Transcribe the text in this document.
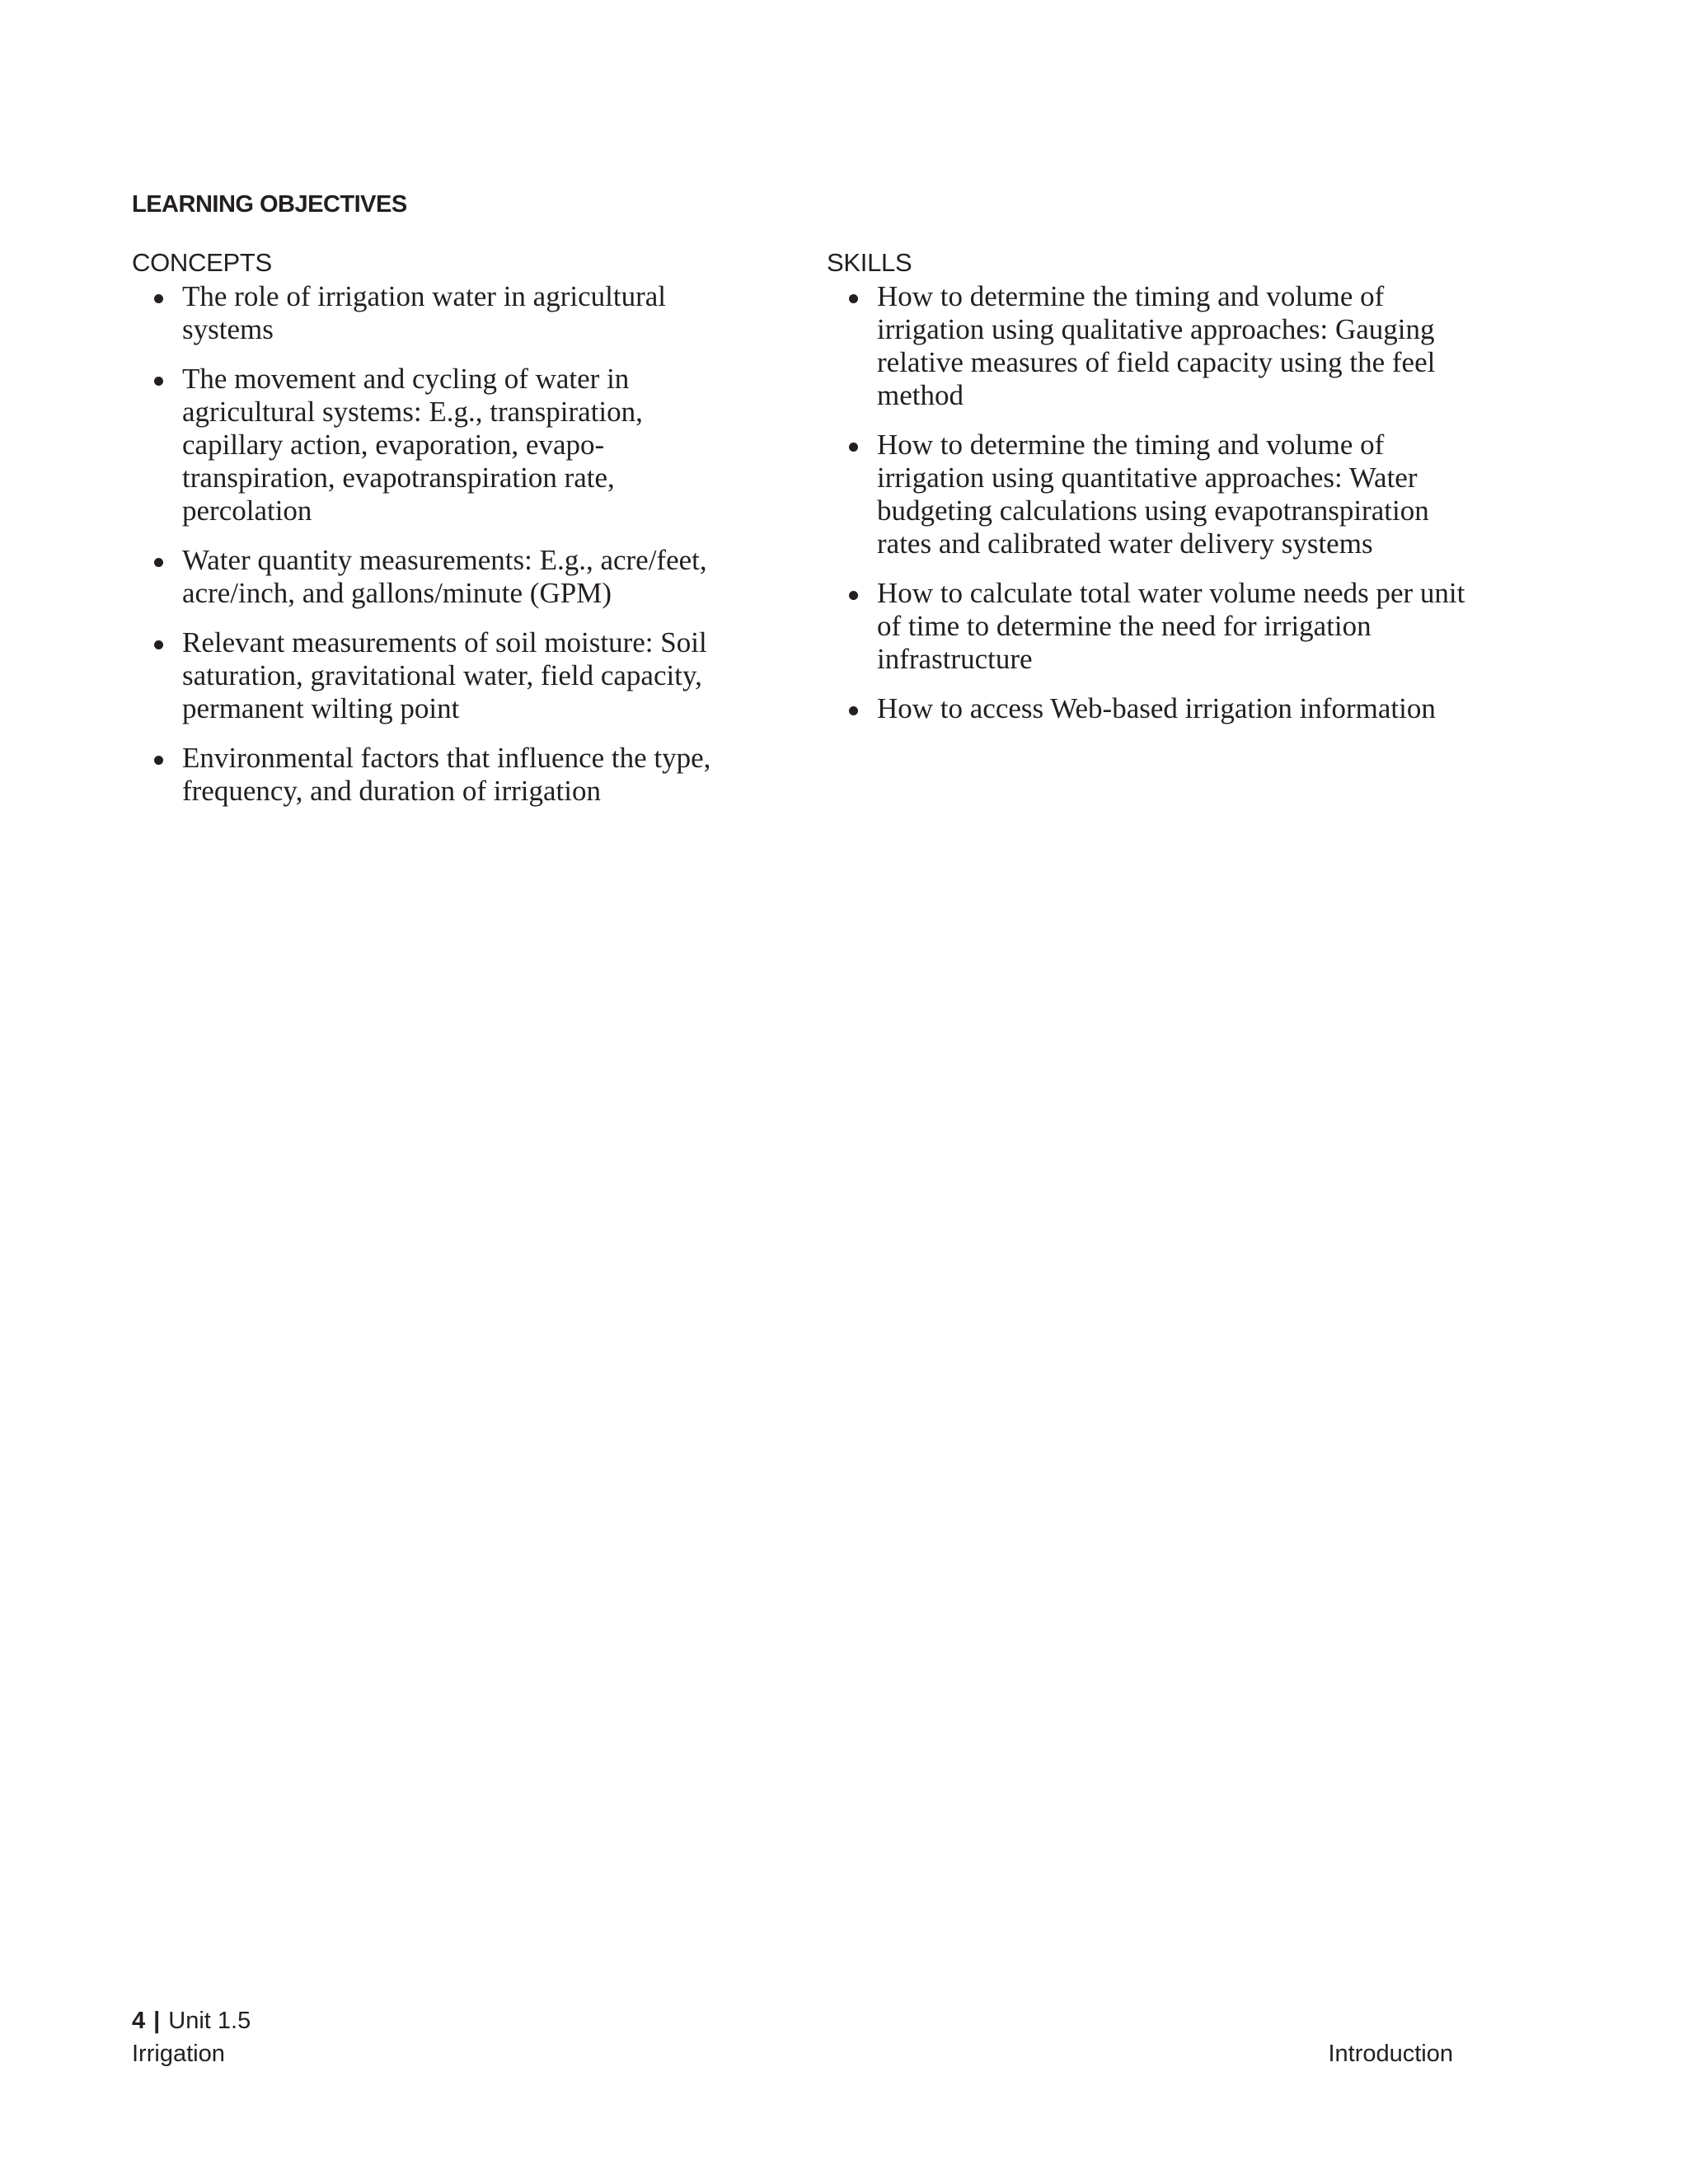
LEARNING OBJECTIVES
CONCEPTS
The role of irrigation water in agricultural systems
The movement and cycling of water in agricultural systems: E.g., transpiration, capillary action, evaporation, evapo-transpiration, evapotranspiration rate, percolation
Water quantity measurements: E.g., acre/feet, acre/inch, and gallons/minute (GPM)
Relevant measurements of soil moisture: Soil saturation, gravitational water, field capacity, permanent wilting point
Environmental factors that influence the type, frequency, and duration of irrigation
SKILLS
How to determine the timing and volume of irrigation using qualitative approaches: Gauging relative measures of field capacity using the feel method
How to determine the timing and volume of irrigation using quantitative approaches: Water budgeting calculations using evapotranspiration rates and calibrated water delivery systems
How to calculate total water volume needs per unit of time to determine the need for irrigation infrastructure
How to access Web-based irrigation information
4 | Unit 1.5
Irrigation	Introduction
